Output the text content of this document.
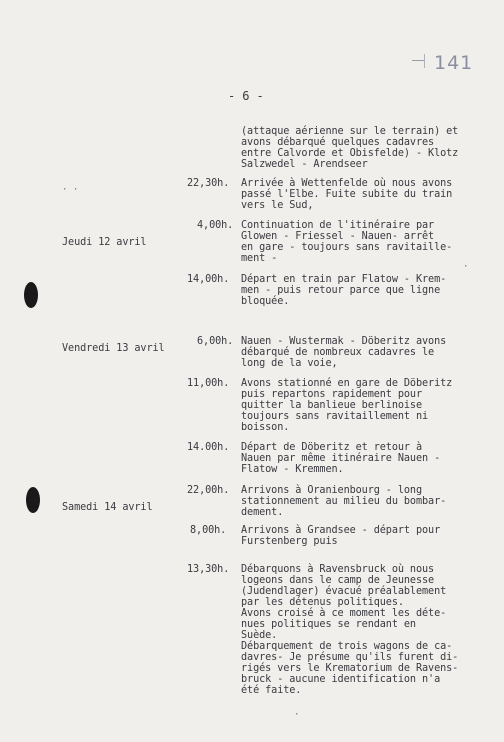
141
- 6 -
· ·
·
Jeudi 12 avril
Vendredi 13 avril
Samedi 14 avril
(attaque aérienne sur le terrain) et
avons débarqué quelques cadavres
entre Calvorde et Obisfelde) - Klotz
Salzwedel - Arendseer
22,30h. Arrivée à Wettenfelde où nous avons
passé l'Elbe. Fuite subite du train
vers le Sud,
4,00h. Continuation de l'itinéraire par
Glowen - Friessel - Nauen- arrêt
en gare - toujours sans ravitaille-
ment -
14,00h. Départ en train par Flatow - Krem-
men - puis retour parce que ligne
bloquée.
6,00h. Nauen - Wustermak - Döberitz avons
débarqué de nombreux cadavres le
long de la voie,
11,00h. Avons stationné en gare de Döberitz
puis repartons rapidement pour
quitter la banlieue berlinoise
toujours sans ravitaillement ni
boisson.
14.00h. Départ de Döberitz et retour à
Nauen par même itinéraire Nauen -
Flatow - Kremmen.
22,00h. Arrivons à Oranienbourg - long
stationnement au milieu du bombar-
dement.
8,00h. Arrivons à Grandsee - départ pour
Furstenberg puis
13,30h. Débarquons à Ravensbruck où nous
logeons dans le camp de Jeunesse
(Judendlager) évacué préalablement
par les détenus politiques.
Avons croisé à ce moment les déte-
nues politiques se rendant en
Suède.
Débarquement de trois wagons de ca-
davres- Je présume qu'ils furent di-
rigés vers le Krematorium de Ravens-
bruck - aucune identification n'a
été faite.
·
